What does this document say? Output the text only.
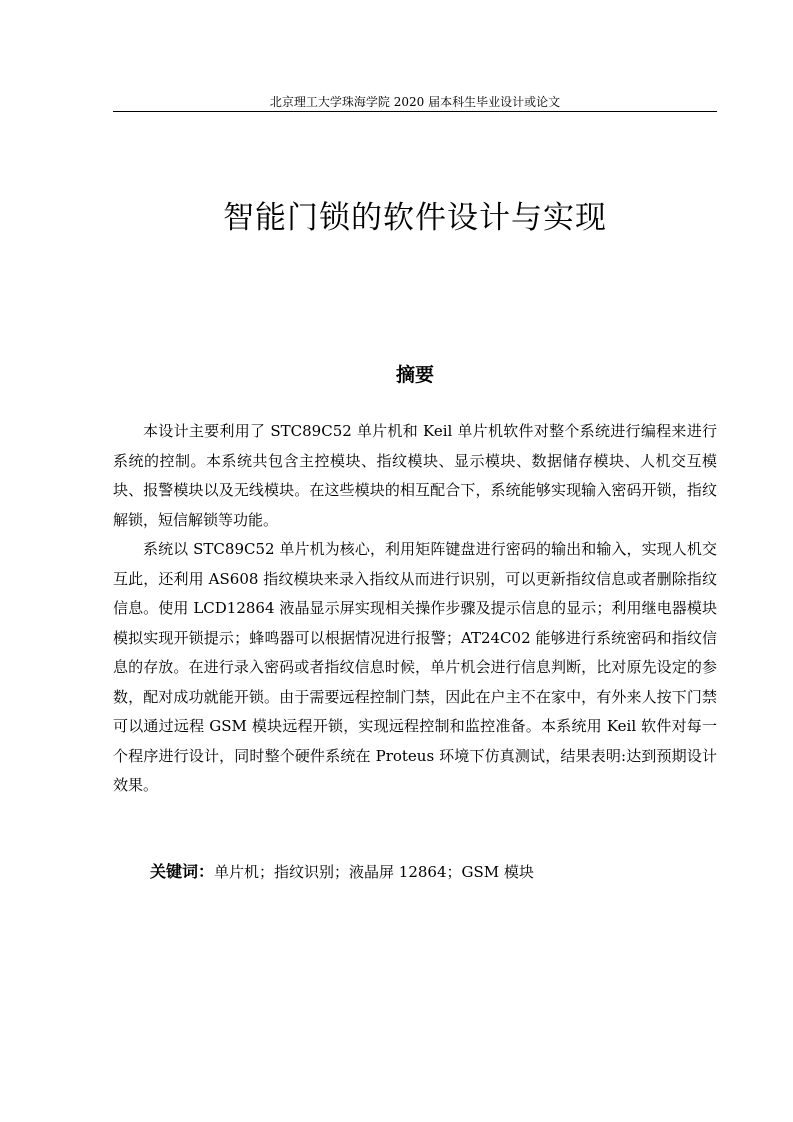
北京理工大学珠海学院 2020 届本科生毕业设计或论文
智能门锁的软件设计与实现
摘要

本设计主要利用了 STC89C52 单片机和 Keil 单片机软件对整个系统进行编程来进行系统的控制。本系统共包含主控模块、指纹模块、显示模块、数据储存模块、人机交互模块、报警模块以及无线模块。在这些模块的相互配合下，系统能够实现输入密码开锁，指纹解锁，短信解锁等功能。

系统以 STC89C52 单片机为核心，利用矩阵键盘进行密码的输出和输入，实现人机交互此，还利用 AS608 指纹模块来录入指纹从而进行识别，可以更新指纹信息或者删除指纹信息。使用 LCD12864 液晶显示屏实现相关操作步骤及提示信息的显示；利用继电器模块模拟实现开锁提示；蜂鸣器可以根据情况进行报警；AT24C02 能够进行系统密码和指纹信息的存放。在进行录入密码或者指纹信息时候，单片机会进行信息判断，比对原先设定的参数，配对成功就能开锁。由于需要远程控制门禁，因此在户主不在家中，有外来人按下门禁可以通过远程 GSM 模块远程开锁，实现远程控制和监控准备。本系统用 Keil 软件对每一个程序进行设计，同时整个硬件系统在 Proteus 环境下仿真测试，结果表明:达到预期设计效果。

关键词：单片机；指纹识别；液晶屏 12864；GSM 模块
